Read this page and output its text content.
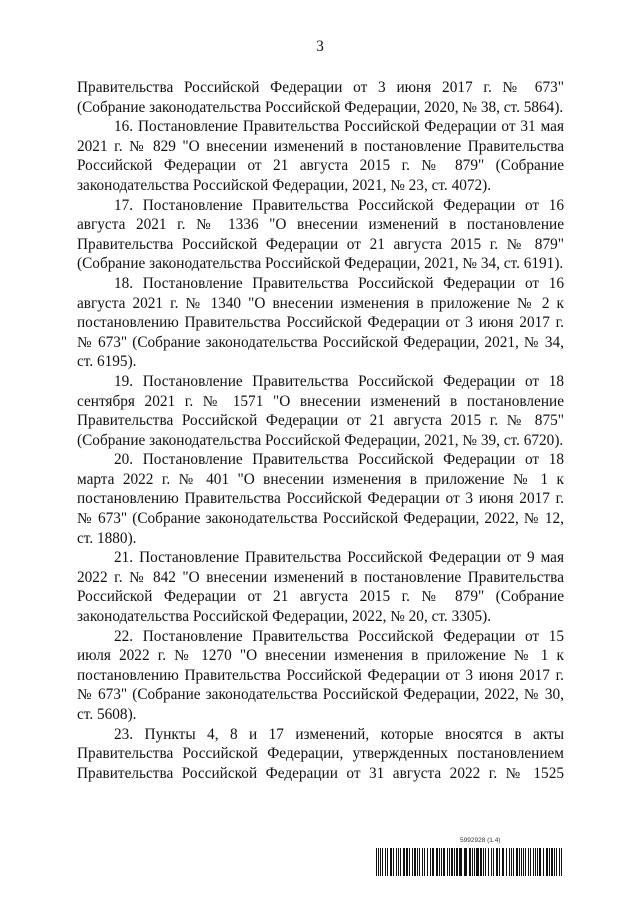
3

Правительства Российской Федерации от 3 июня 2017 г. № 673" (Собрание законодательства Российской Федерации, 2020, № 38, ст. 5864).

16. Постановление Правительства Российской Федерации от 31 мая 2021 г. № 829 "О внесении изменений в постановление Правительства Российской Федерации от 21 августа 2015 г. № 879" (Собрание законодательства Российской Федерации, 2021, № 23, ст. 4072).

17. Постановление Правительства Российской Федерации от 16 августа 2021 г. № 1336 "О внесении изменений в постановление Правительства Российской Федерации от 21 августа 2015 г. № 879" (Собрание законодательства Российской Федерации, 2021, № 34, ст. 6191).

18. Постановление Правительства Российской Федерации от 16 августа 2021 г. № 1340 "О внесении изменения в приложение № 2 к постановлению Правительства Российской Федерации от 3 июня 2017 г. № 673" (Собрание законодательства Российской Федерации, 2021, № 34, ст. 6195).

19. Постановление Правительства Российской Федерации от 18 сентября 2021 г. № 1571 "О внесении изменений в постановление Правительства Российской Федерации от 21 августа 2015 г. № 875" (Собрание законодательства Российской Федерации, 2021, № 39, ст. 6720).

20. Постановление Правительства Российской Федерации от 18 марта 2022 г. № 401 "О внесении изменения в приложение № 1 к постановлению Правительства Российской Федерации от 3 июня 2017 г. № 673" (Собрание законодательства Российской Федерации, 2022, № 12, ст. 1880).

21. Постановление Правительства Российской Федерации от 9 мая 2022 г. № 842 "О внесении изменений в постановление Правительства Российской Федерации от 21 августа 2015 г. № 879" (Собрание законодательства Российской Федерации, 2022, № 20, ст. 3305).

22. Постановление Правительства Российской Федерации от 15 июля 2022 г. № 1270 "О внесении изменения в приложение № 1 к постановлению Правительства Российской Федерации от 3 июня 2017 г. № 673" (Собрание законодательства Российской Федерации, 2022, № 30, ст. 5608).

23. Пункты 4, 8 и 17 изменений, которые вносятся в акты Правительства Российской Федерации, утвержденных постановлением Правительства Российской Федерации от 31 августа 2022 г. № 1525

5992928 (1.4)
